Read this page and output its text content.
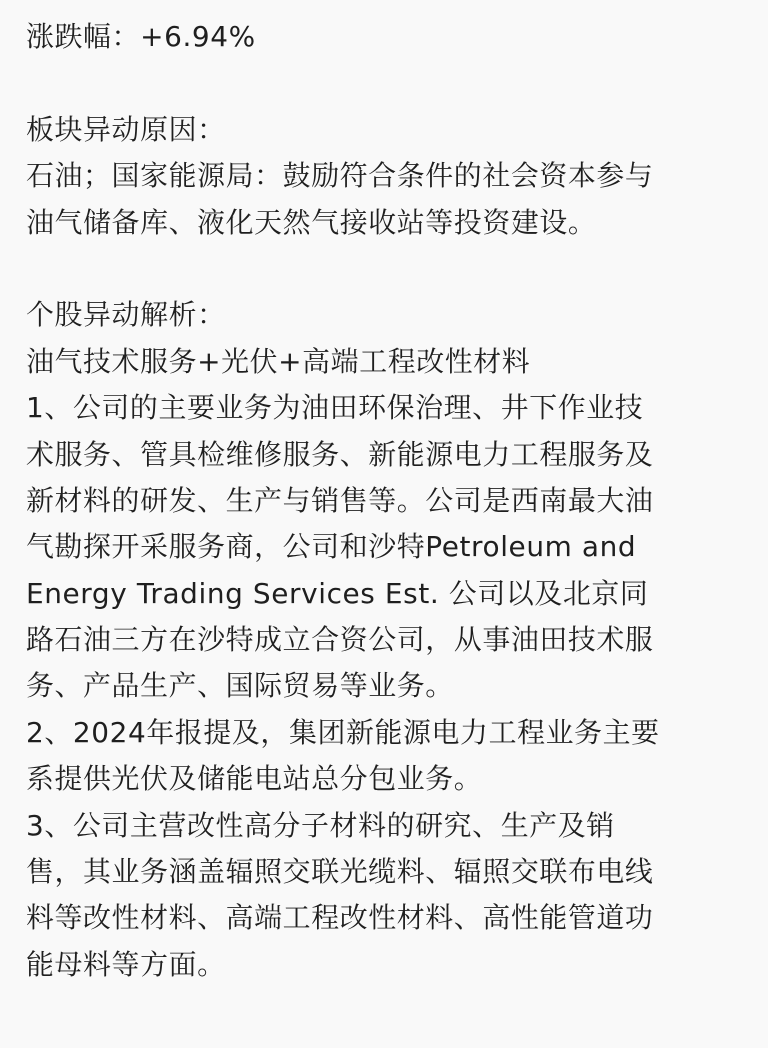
涨跌幅：+6.94%
板块异动原因：
石油；国家能源局：鼓励符合条件的社会资本参与
油气储备库、液化天然气接收站等投资建设。
个股异动解析：
油气技术服务+光伏+高端工程改性材料
1、公司的主要业务为油田环保治理、井下作业技
术服务、管具检维修服务、新能源电力工程服务及
新材料的研发、生产与销售等。公司是西南最大油
气勘探开采服务商，公司和沙特Petroleum and
Energy Trading Services Est. 公司以及北京同
路石油三方在沙特成立合资公司，从事油田技术服
务、产品生产、国际贸易等业务。
2、2024年报提及，集团新能源电力工程业务主要
系提供光伏及储能电站总分包业务。
3、公司主营改性高分子材料的研究、生产及销
售，其业务涵盖辐照交联光缆料、辐照交联布电线
料等改性材料、高端工程改性材料、高性能管道功
能母料等方面。
